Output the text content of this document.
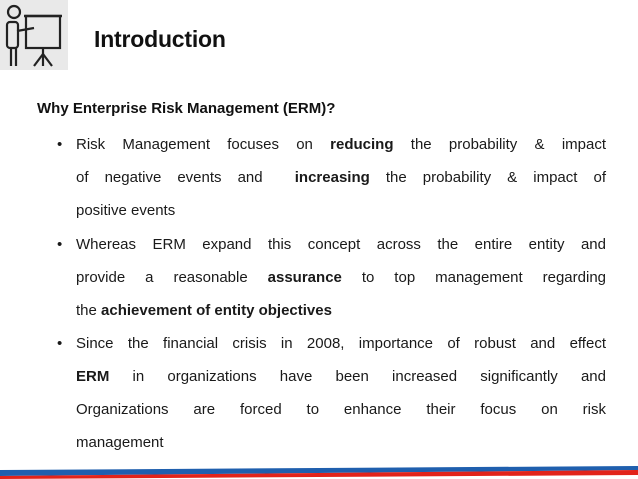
Introduction
Why Enterprise Risk Management (ERM)?
• Risk Management focuses on reducing the probability & impact
of negative events and  increasing the probability & impact of
positive events
• Whereas ERM expand this concept across the entire entity and
provide a reasonable assurance to top management regarding
the achievement of entity objectives
• Since the financial crisis in 2008, importance of robust and effect
ERM in organizations have been increased significantly and
Organizations are forced to enhance their focus on risk
management
